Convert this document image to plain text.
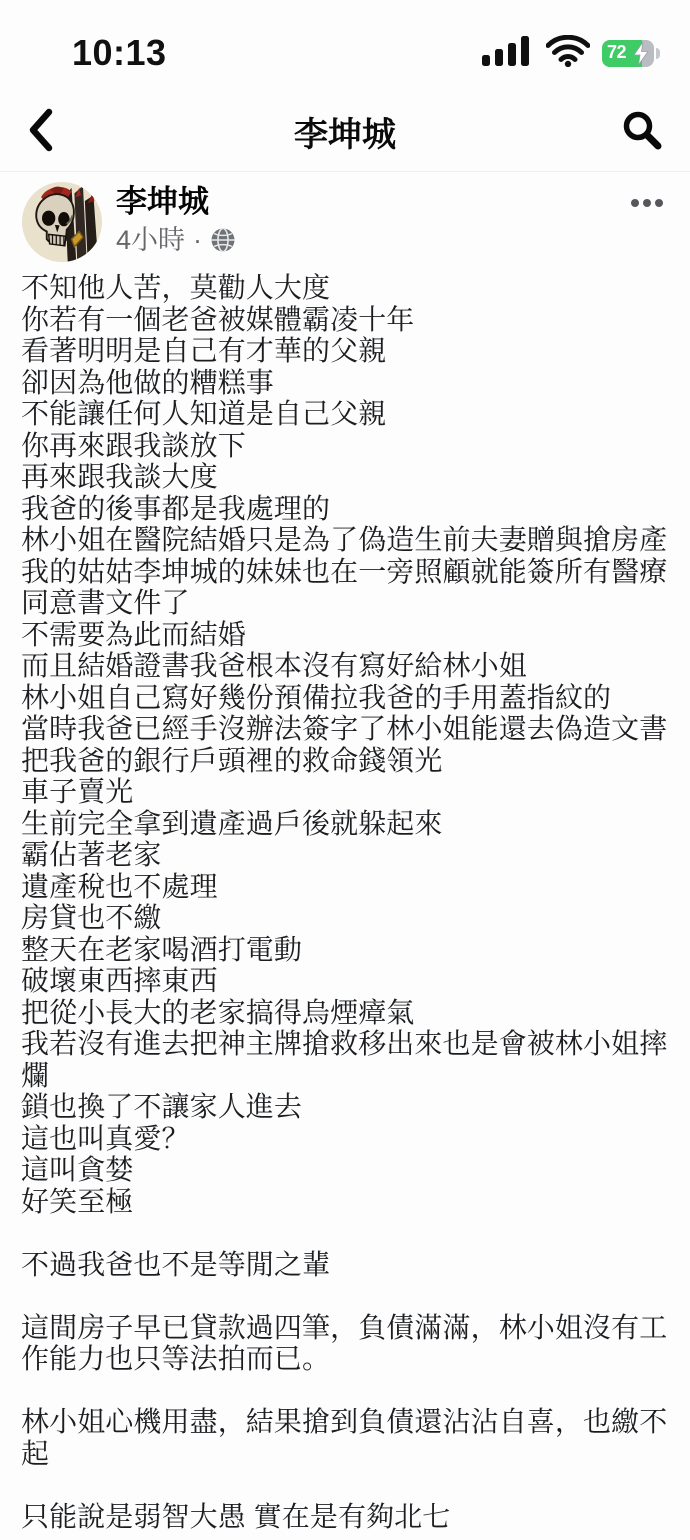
10:13	72
李坤城
李坤城
4小時 ·
不知他人苦，莫勸人大度
你若有一個老爸被媒體霸凌十年
看著明明是自己有才華的父親
卻因為他做的糟糕事
不能讓任何人知道是自己父親
你再來跟我談放下
再來跟我談大度
我爸的後事都是我處理的
林小姐在醫院結婚只是為了偽造生前夫妻贈與搶房產
我的姑姑李坤城的妹妹也在一旁照顧就能簽所有醫療
同意書文件了
不需要為此而結婚
而且結婚證書我爸根本沒有寫好給林小姐
林小姐自己寫好幾份預備拉我爸的手用蓋指紋的
當時我爸已經手沒辦法簽字了林小姐能還去偽造文書
把我爸的銀行戶頭裡的救命錢領光
車子賣光
生前完全拿到遺產過戶後就躲起來
霸佔著老家
遺產稅也不處理
房貸也不繳
整天在老家喝酒打電動
破壞東西摔東西
把從小長大的老家搞得烏煙瘴氣
我若沒有進去把神主牌搶救移出來也是會被林小姐摔
爛
鎖也換了不讓家人進去
這也叫真愛？
這叫貪婪
好笑至極
不過我爸也不是等閒之輩
這間房子早已貸款過四筆，負債滿滿，林小姐沒有工
作能力也只等法拍而已。
林小姐心機用盡，結果搶到負債還沾沾自喜，也繳不
起
只能說是弱智大愚 實在是有夠北七
